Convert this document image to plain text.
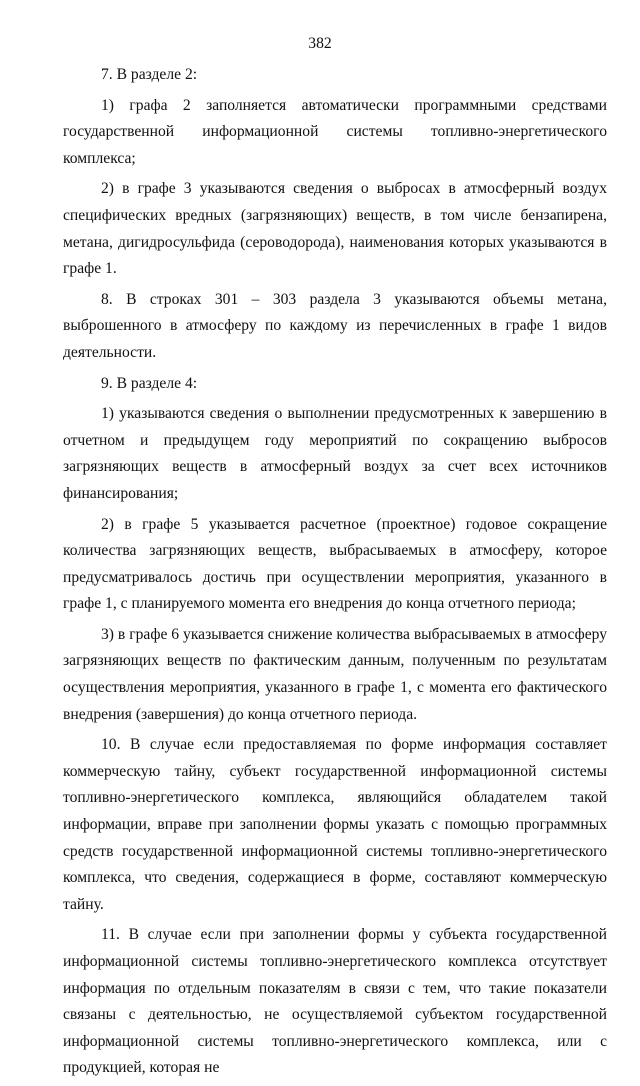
382

7. В разделе 2:

1) графа 2 заполняется автоматически программными средствами государственной информационной системы топливно-энергетического комплекса;

2) в графе 3 указываются сведения о выбросах в атмосферный воздух специфических вредных (загрязняющих) веществ, в том числе бензапирена, метана, дигидросульфида (сероводорода), наименования которых указываются в графе 1.

8. В строках 301 – 303 раздела 3 указываются объемы метана, выброшенного в атмосферу по каждому из перечисленных в графе 1 видов деятельности.

9. В разделе 4:

1) указываются сведения о выполнении предусмотренных к завершению в отчетном и предыдущем году мероприятий по сокращению выбросов загрязняющих веществ в атмосферный воздух за счет всех источников финансирования;

2) в графе 5 указывается расчетное (проектное) годовое сокращение количества загрязняющих веществ, выбрасываемых в атмосферу, которое предусматривалось достичь при осуществлении мероприятия, указанного в графе 1, с планируемого момента его внедрения до конца отчетного периода;

3) в графе 6 указывается снижение количества выбрасываемых в атмосферу загрязняющих веществ по фактическим данным, полученным по результатам осуществления мероприятия, указанного в графе 1, с момента его фактического внедрения (завершения) до конца отчетного периода.

10. В случае если предоставляемая по форме информация составляет коммерческую тайну, субъект государственной информационной системы топливно-энергетического комплекса, являющийся обладателем такой информации, вправе при заполнении формы указать с помощью программных средств государственной информационной системы топливно-энергетического комплекса, что сведения, содержащиеся в форме, составляют коммерческую тайну.

11. В случае если при заполнении формы у субъекта государственной информационной системы топливно-энергетического комплекса отсутствует информация по отдельным показателям в связи с тем, что такие показатели связаны с деятельностью, не осуществляемой субъектом государственной информационной системы топливно-энергетического комплекса, или с продукцией, которая не
